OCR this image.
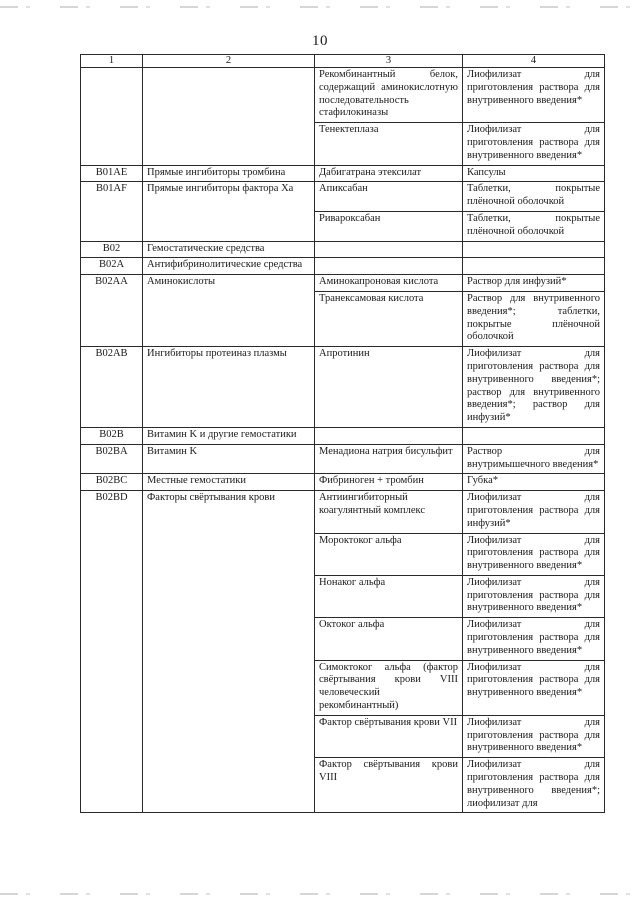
10
1	2	3	4
		Рекомбинантный белок, содержащий аминокислотную последовательность стафилокиназы	Лиофилизат для приготовления раствора для внутривенного введения*
		Тенектеплаза	Лиофилизат для приготовления раствора для внутривенного введения*
B01AE	Прямые ингибиторы тромбина	Дабигатрана этексилат	Капсулы
B01AF	Прямые ингибиторы фактора Xa	Апиксабан	Таблетки, покрытые плёночной оболочкой
		Ривароксабан	Таблетки, покрытые плёночной оболочкой
B02	Гемостатические средства		
B02A	Антифибринолитические средства		
B02AA	Аминокислоты	Аминокапроновая кислота	Раствор для инфузий*
		Транексамовая кислота	Раствор для внутривенного введения*; таблетки, покрытые плёночной оболочкой
B02AB	Ингибиторы протеиназ плазмы	Апротинин	Лиофилизат для приготовления раствора для внутривенного введения*; раствор для внутривенного введения*; раствор для инфузий*
B02B	Витамин K и другие гемостатики		
B02BA	Витамин K	Менадиона натрия бисульфит	Раствор для внутримышечного введения*
B02BC	Местные гемостатики	Фибриноген + тромбин	Губка*
B02BD	Факторы свёртывания крови	Антиингибиторный коагулянтный комплекс	Лиофилизат для приготовления раствора для инфузий*
		Мороктоког альфа	Лиофилизат для приготовления раствора для внутривенного введения*
		Нонаког альфа	Лиофилизат для приготовления раствора для внутривенного введения*
		Октоког альфа	Лиофилизат для приготовления раствора для внутривенного введения*
		Симоктоког альфа (фактор свёртывания крови VIII человеческий рекомбинантный)	Лиофилизат для приготовления раствора для внутривенного введения*
		Фактор свёртывания крови VII	Лиофилизат для приготовления раствора для внутривенного введения*
		Фактор свёртывания крови VIII	Лиофилизат для приготовления раствора для внутривенного введения*; лиофилизат для
